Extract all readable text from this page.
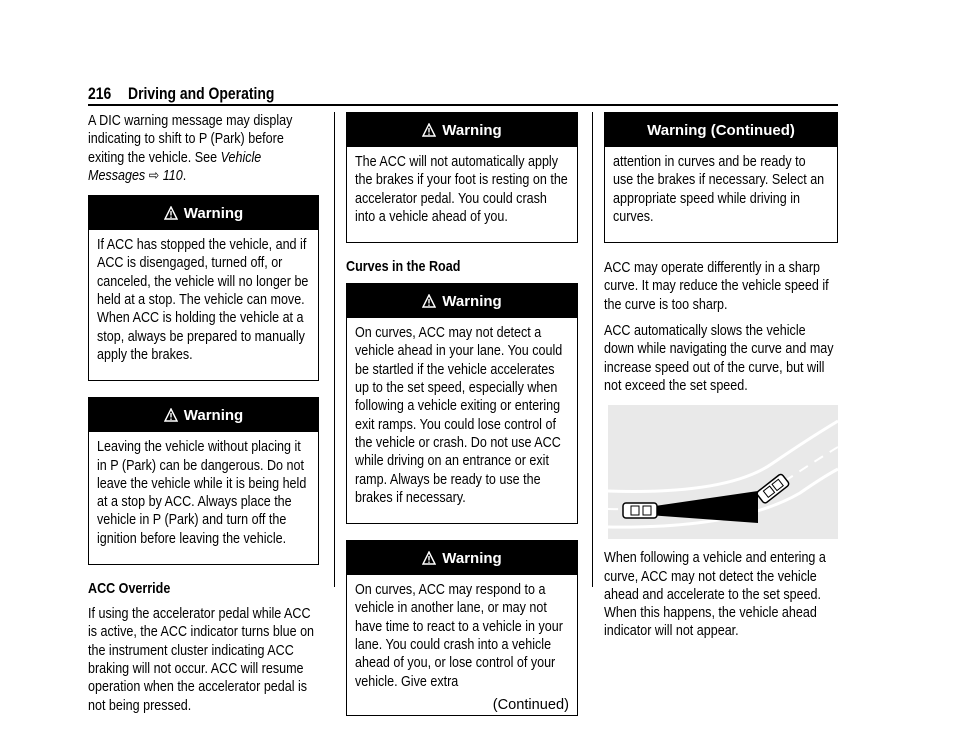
216 Driving and Operating

A DIC warning message may display indicating to shift to P (Park) before exiting the vehicle. See Vehicle Messages ⇨ 110.

Warning

If ACC has stopped the vehicle, and if ACC is disengaged, turned off, or canceled, the vehicle will no longer be held at a stop. The vehicle can move. When ACC is holding the vehicle at a stop, always be prepared to manually apply the brakes.

Warning

Leaving the vehicle without placing it in P (Park) can be dangerous. Do not leave the vehicle while it is being held at a stop by ACC. Always place the vehicle in P (Park) and turn off the ignition before leaving the vehicle.

ACC Override

If using the accelerator pedal while ACC is active, the ACC indicator turns blue on the instrument cluster indicating ACC braking will not occur. ACC will resume operation when the accelerator pedal is not being pressed.

Warning

The ACC will not automatically apply the brakes if your foot is resting on the accelerator pedal. You could crash into a vehicle ahead of you.

Curves in the Road
Warning

On curves, ACC may not detect a vehicle ahead in your lane. You could be startled if the vehicle accelerates up to the set speed, especially when following a vehicle exiting or entering exit ramps. You could lose control of the vehicle or crash. Do not use ACC while driving on an entrance or exit ramp. Always be ready to use the brakes if necessary.

Warning

On curves, ACC may respond to a vehicle in another lane, or may not have time to react to a vehicle in your lane. You could crash into a vehicle ahead of you, or lose control of your vehicle. Give extra

(Continued)
Warning (Continued)

attention in curves and be ready to use the brakes if necessary. Select an appropriate speed while driving in curves.

ACC may operate differently in a sharp curve. It may reduce the vehicle speed if the curve is too sharp.

ACC automatically slows the vehicle down while navigating the curve and may increase speed out of the curve, but will not exceed the set speed.

When following a vehicle and entering a curve, ACC may not detect the vehicle ahead and accelerate to the set speed. When this happens, the vehicle ahead indicator will not appear.
